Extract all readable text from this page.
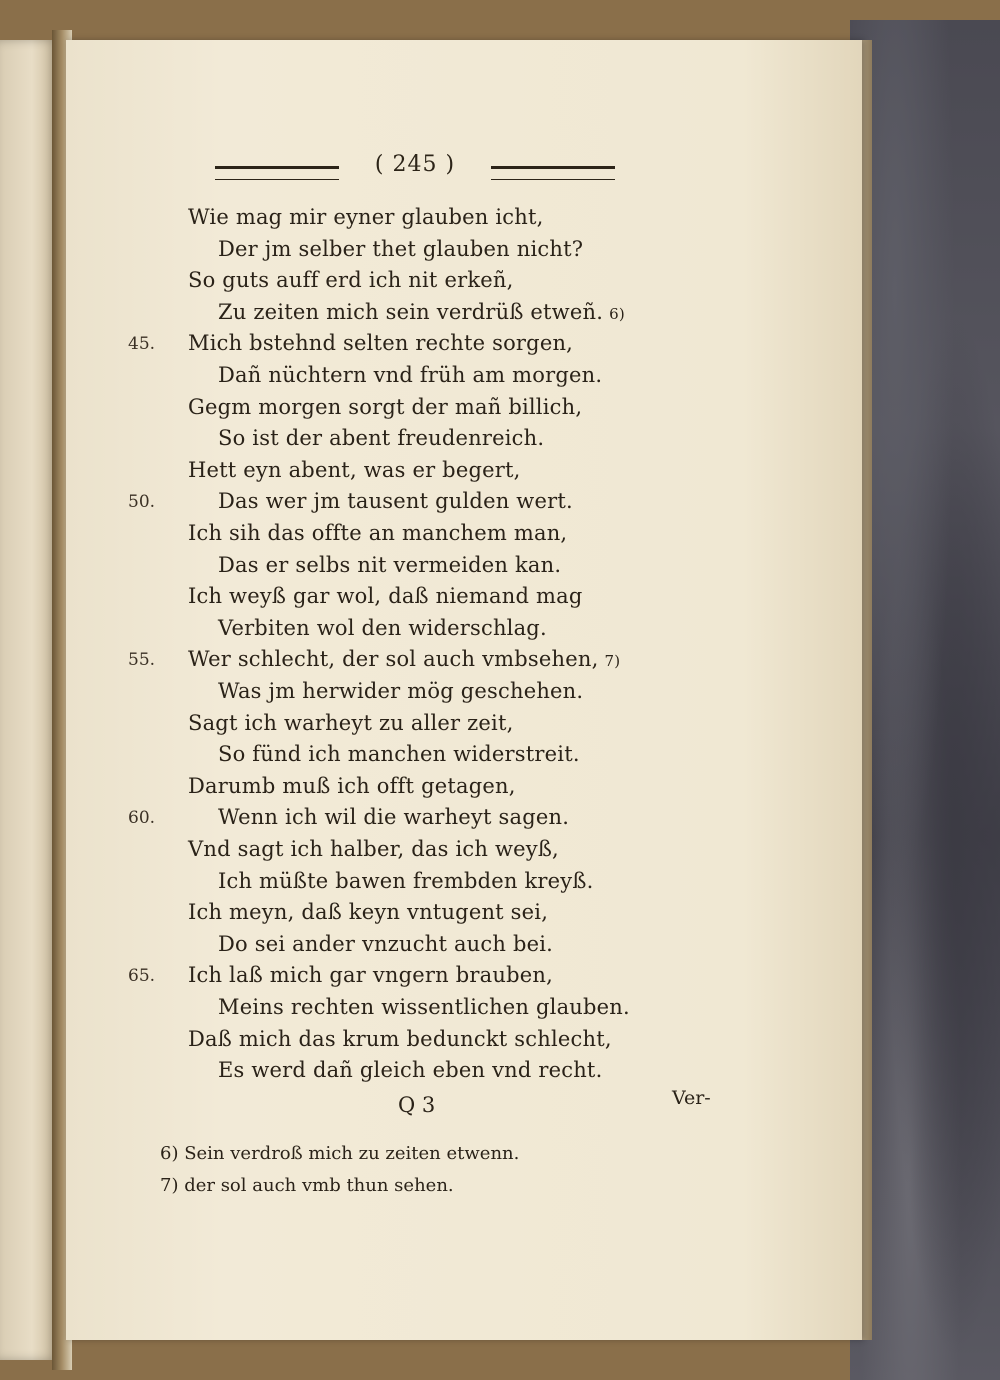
( 245 )
Wie mag mir eyner glauben icht,
Der jm selber thet glauben nicht?
So guts auff erd ich nit erkeñ,
Zu zeiten mich sein verdrüß etweñ. 6)
Mich bstehnd selten rechte sorgen,
45.
Dañ nüchtern vnd früh am morgen.
Gegm morgen sorgt der mañ billich,
So ist der abent freudenreich.
Hett eyn abent, was er begert,
Das wer jm tausent gulden wert.
50.
Ich sih das offte an manchem man,
Das er selbs nit vermeiden kan.
Ich weyß gar wol, daß niemand mag
Verbiten wol den widerschlag.
Wer schlecht, der sol auch vmbsehen, 7)
55.
Was jm herwider mög geschehen.
Sagt ich warheyt zu aller zeit,
So fünd ich manchen widerstreit.
Darumb muß ich offt getagen,
Wenn ich wil die warheyt sagen.
60.
Vnd sagt ich halber, das ich weyß,
Ich müßte bawen frembden kreyß.
Ich meyn, daß keyn vntugent sei,
Do sei ander vnzucht auch bei.
Ich laß mich gar vngern brauben,
65.
Meins rechten wissentlichen glauben.
Daß mich das krum bedunckt schlecht,
Es werd dañ gleich eben vnd recht.
Q 3	Ver-
6) Sein verdroß mich zu zeiten etwenn.
7) der sol auch vmb thun sehen.
